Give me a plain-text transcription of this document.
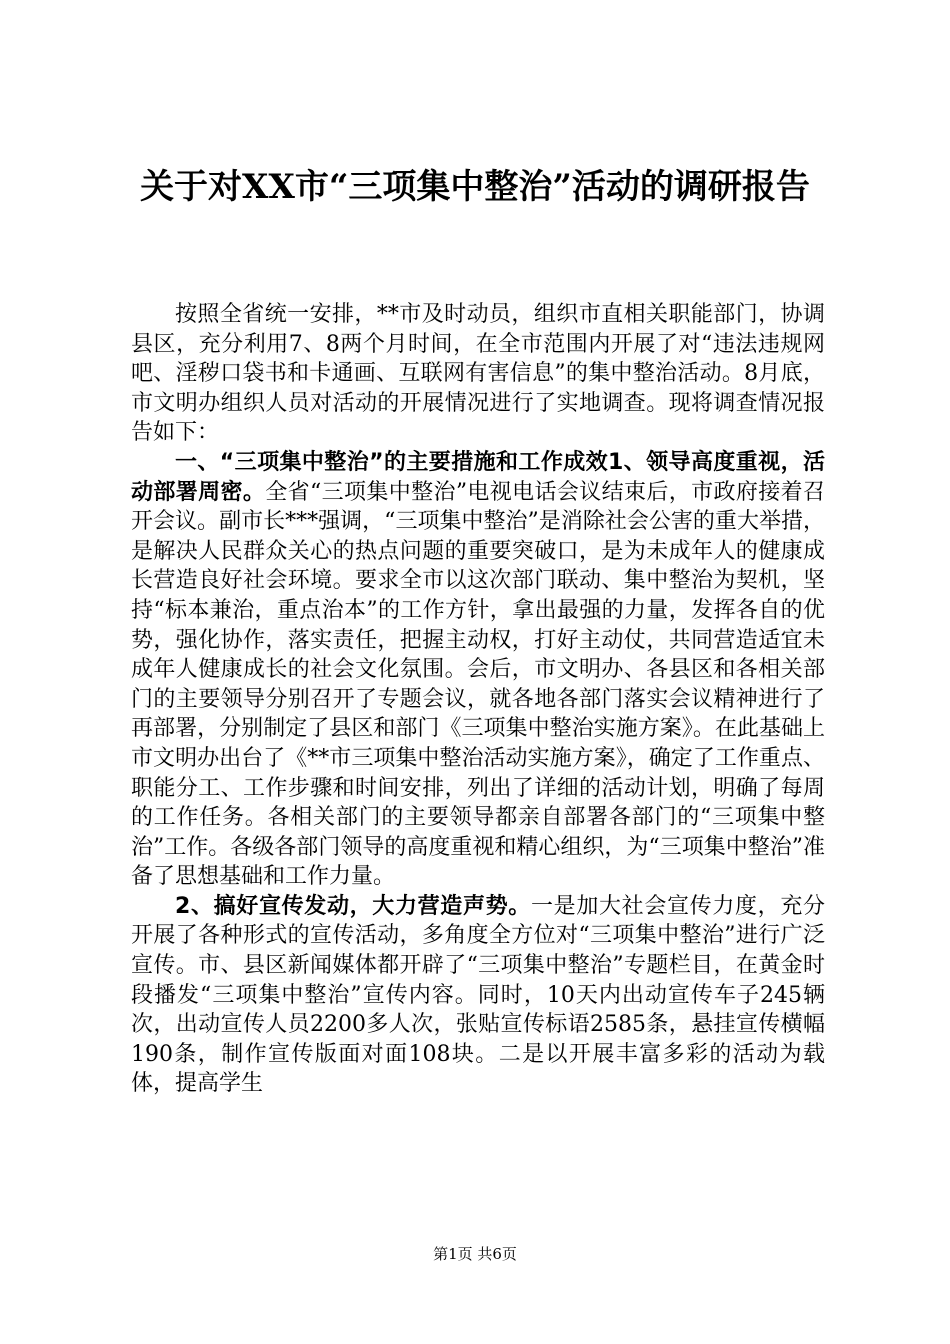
关于对XX市“三项集中整治”活动的调研报告

按照全省统一安排，**市及时动员，组织市直相关职能部门，协调县区，充分利用7、8两个月时间，在全市范围内开展了对“违法违规网吧、淫秽口袋书和卡通画、互联网有害信息”的集中整治活动。8月底，市文明办组织人员对活动的开展情况进行了实地调查。现将调查情况报告如下：

一、“三项集中整治”的主要措施和工作成效1、领导高度重视，活动部署周密。全省“三项集中整治”电视电话会议结束后，市政府接着召开会议。副市长***强调，“三项集中整治”是消除社会公害的重大举措，是解决人民群众关心的热点问题的重要突破口，是为未成年人的健康成长营造良好社会环境。要求全市以这次部门联动、集中整治为契机，坚持“标本兼治，重点治本”的工作方针，拿出最强的力量，发挥各自的优势，强化协作，落实责任，把握主动权，打好主动仗，共同营造适宜未成年人健康成长的社会文化氛围。会后，市文明办、各县区和各相关部门的主要领导分别召开了专题会议，就各地各部门落实会议精神进行了再部署，分别制定了县区和部门《三项集中整治实施方案》。在此基础上市文明办出台了《**市三项集中整治活动实施方案》，确定了工作重点、职能分工、工作步骤和时间安排，列出了详细的活动计划，明确了每周的工作任务。各相关部门的主要领导都亲自部署各部门的“三项集中整治”工作。各级各部门领导的高度重视和精心组织，为“三项集中整治”准备了思想基础和工作力量。

2、搞好宣传发动，大力营造声势。一是加大社会宣传力度，充分开展了各种形式的宣传活动，多角度全方位对“三项集中整治”进行广泛宣传。市、县区新闻媒体都开辟了“三项集中整治”专题栏目，在黄金时段播发“三项集中整治”宣传内容。同时，10天内出动宣传车子245辆次，出动宣传人员2200多人次，张贴宣传标语2585条，悬挂宣传横幅190条，制作宣传版面对面108块。二是以开展丰富多彩的活动为载体，提高学生

第1页 共6页
